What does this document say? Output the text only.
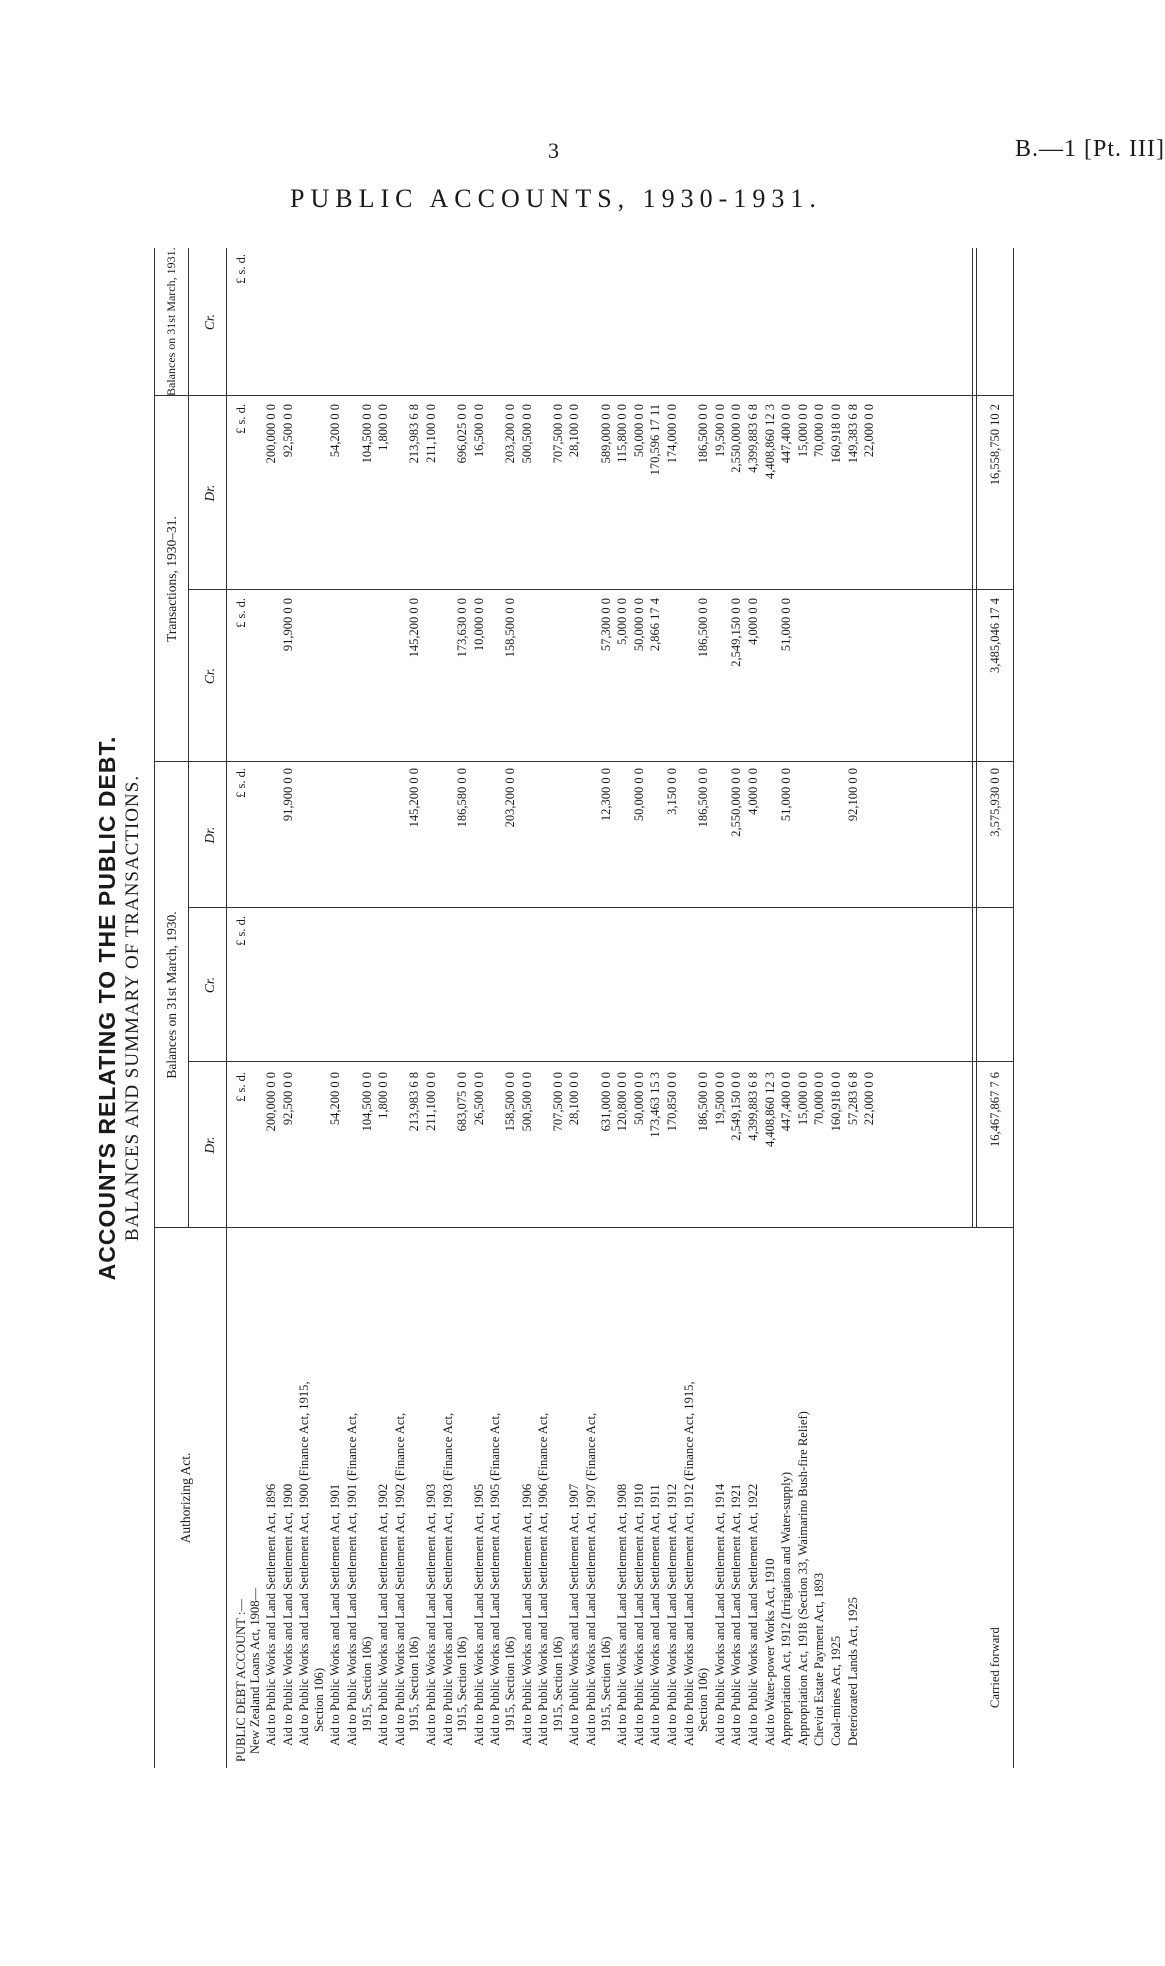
3	B.—1 [Pt. III]
PUBLIC ACCOUNTS, 1930-1931.
ACCOUNTS RELATING TO THE PUBLIC DEBT. BALANCES AND SUMMARY OF TRANSACTIONS.
Authorizing Act.
Balances on 31st March, 1930.
Transactions, 1930–31.
Balances on 31st March, 1931.
Dr.
Cr.
Dr.
Cr.
Dr.
Cr.
£ s. d.
£ s. d.
£ s. d.
£ s. d.
£ s. d.
£ s. d.
PUBLIC DEBT ACCOUNT :— New Zealand Loans Act, 1908— Aid to Public Works and Land Settlement Act, 1896
200,000 0 0
200,000 0 0
Aid to Public Works and Land Settlement Act, 1900
92,500 0 0
91,900 0 0
91,900 0 0
92,500 0 0
Aid to Public Works and Land Settlement Act, 1900 (Finance Act, 1915, Section 106) Aid to Public Works and Land Settlement Act, 1901
54,200 0 0
54,200 0 0
Aid to Public Works and Land Settlement Act, 1901 (Finance Act, 1915, Section 106)
104,500 0 0
104,500 0 0
Aid to Public Works and Land Settlement Act, 1902
1,800 0 0
1,800 0 0
Aid to Public Works and Land Settlement Act, 1902 (Finance Act, 1915, Section 106)
213,983 6 8
145,200 0 0
145,200 0 0
213,983 6 8
Aid to Public Works and Land Settlement Act, 1903
211,100 0 0
211,100 0 0
Aid to Public Works and Land Settlement Act, 1903 (Finance Act, 1915, Section 106)
683,075 0 0
186,580 0 0
173,630 0 0
696,025 0 0
Aid to Public Works and Land Settlement Act, 1905
26,500 0 0
10,000 0 0
16,500 0 0
Aid to Public Works and Land Settlement Act, 1905 (Finance Act, 1915, Section 106)
158,500 0 0
203,200 0 0
158,500 0 0
203,200 0 0
Aid to Public Works and Land Settlement Act, 1906
500,500 0 0
500,500 0 0
Aid to Public Works and Land Settlement Act, 1906 (Finance Act, 1915, Section 106)
707,500 0 0
707,500 0 0
Aid to Public Works and Land Settlement Act, 1907
28,100 0 0
28,100 0 0
Aid to Public Works and Land Settlement Act, 1907 (Finance Act, 1915, Section 106)
631,000 0 0
12,300 0 0
57,300 0 0
589,000 0 0
Aid to Public Works and Land Settlement Act, 1908
120,800 0 0
5,000 0 0
115,800 0 0
Aid to Public Works and Land Settlement Act, 1910
50,000 0 0
50,000 0 0
50,000 0 0
50,000 0 0
Aid to Public Works and Land Settlement Act, 1911
173,463 15 3
2,866 17 4
170,596 17 11
Aid to Public Works and Land Settlement Act, 1912
170,850 0 0
3,150 0 0
174,000 0 0
Aid to Public Works and Land Settlement Act, 1912 (Finance Act, 1915, Section 106)
186,500 0 0
186,500 0 0
186,500 0 0
186,500 0 0
Aid to Public Works and Land Settlement Act, 1914
19,500 0 0
19,500 0 0
Aid to Public Works and Land Settlement Act, 1921
2,549,150 0 0
2,550,000 0 0
2,549,150 0 0
2,550,000 0 0
Aid to Public Works and Land Settlement Act, 1922
4,399,883 6 8
4,000 0 0
4,000 0 0
4,399,883 6 8
Aid to Water-power Works Act, 1910
4,408,860 12 3
4,408,860 12 3
Appropriation Act, 1912 (Irrigation and Water-supply)
447,400 0 0
51,000 0 0
51,000 0 0
447,400 0 0
Appropriation Act, 1918 (Section 33, Waimarino Bush-fire Relief)
15,000 0 0
15,000 0 0
Cheviot Estate Payment Act, 1893
70,000 0 0
70,000 0 0
Coal-mines Act, 1925
160,918 0 0
160,918 0 0
Deteriorated Lands Act, 1925
57,283 6 8
92,100 0 0
149,383 6 8
22,000 0 0
22,000 0 0
Carried forward
16,467,867 7 6
3,575,930 0 0
3,485,046 17 4
16,558,750 10 2
